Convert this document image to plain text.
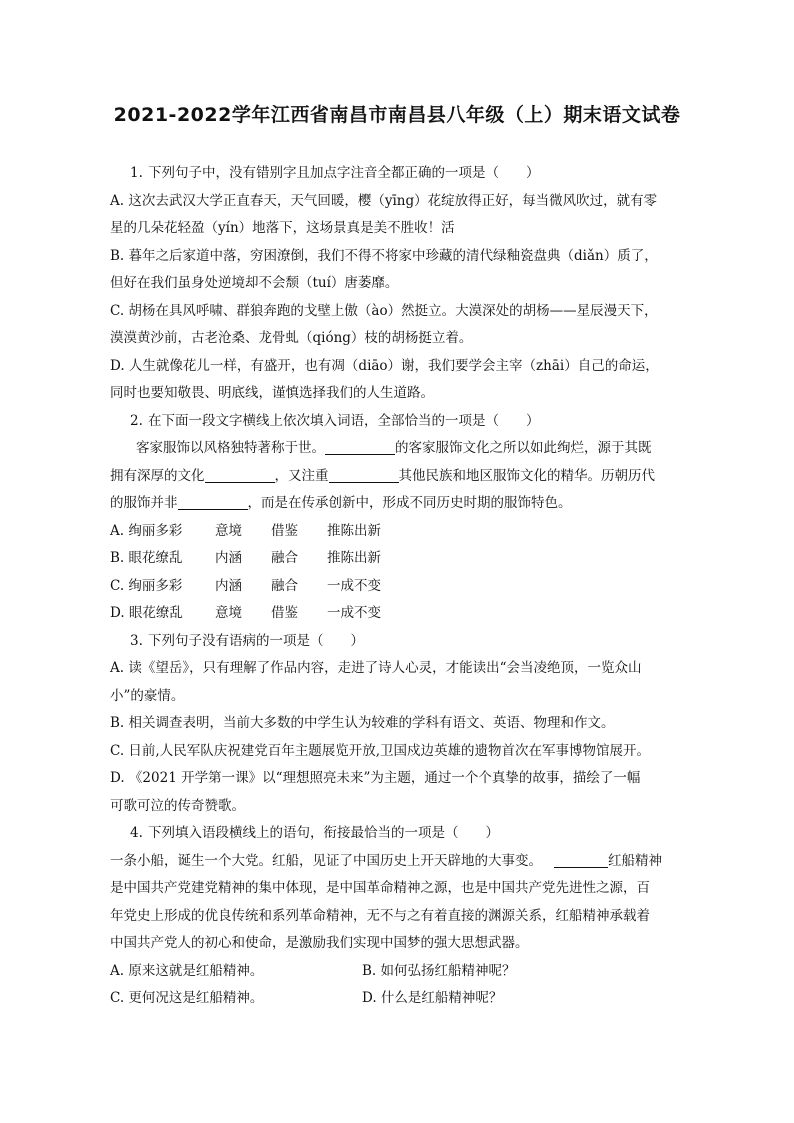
2021-2022学年江西省南昌市南昌县八年级（上）期末语文试卷
1. 下列句子中，没有错别字且加点字注音全都正确的一项是（　　）
A. 这次去武汉大学正直春天，天气回暖，樱（yīng）花绽放得正好，每当微风吹过，就有零
星的几朵花轻盈（yín）地落下，这场景真是美不胜收！活
B. 暮年之后家道中落，穷困潦倒，我们不得不将家中珍藏的清代绿釉瓷盘典（diǎn）质了，
但好在我们虽身处逆境却不会颓（tuí）唐萎靡。
C. 胡杨在具风呼啸、群狼奔跑的戈壁上傲（ào）然挺立。大漠深处的胡杨——星辰漫天下，
漠漠黄沙前，古老沧桑、龙骨虬（qióng）枝的胡杨挺立着。
D. 人生就像花儿一样，有盛开，也有凋（diāo）谢，我们要学会主宰（zhāi）自己的命运，
同时也要知敬畏、明底线，谨慎选择我们的人生道路。
2. 在下面一段文字横线上依次填入词语，全部恰当的一项是（　　）
客家服饰以风格独特著称于世。	的客家服饰文化之所以如此绚烂，源于其既
拥有深厚的文化	，又注重	其他民族和地区服饰文化的精华。历朝历代
的服饰并非	，而是在传承创新中，形成不同历史时期的服饰特色。
A. 绚丽多彩	意境	借鉴	推陈出新
B. 眼花缭乱	内涵	融合	推陈出新
C. 绚丽多彩	内涵	融合	一成不变
D. 眼花缭乱	意境	借鉴	一成不变
3. 下列句子没有语病的一项是（　　）
A. 读《望岳》，只有理解了作品内容，走进了诗人心灵，才能读出“会当凌绝顶，一览众山
小”的豪情。
B. 相关调查表明，当前大多数的中学生认为较难的学科有语文、英语、物理和作文。
C. 日前,人民军队庆祝建党百年主题展览开放,卫国戍边英雄的遗物首次在军事博物馆展开。
D. 《2021 开学第一课》以“理想照亮未来”为主题，通过一个个真挚的故事，描绘了一幅
可歌可泣的传奇赞歌。
4. 下列填入语段横线上的语句，衔接最恰当的一项是（　　）
一条小船，诞生一个大党。红船，见证了中国历史上开天辟地的大事变。	红船精神
是中国共产党建党精神的集中体现，是中国革命精神之源，也是中国共产党先进性之源，百
年党史上形成的优良传统和系列革命精神，无不与之有着直接的渊源关系，红船精神承载着
中国共产党人的初心和使命，是激励我们实现中国梦的强大思想武器。
A. 原来这就是红船精神。	B. 如何弘扬红船精神呢？
C. 更何况这是红船精神。	D. 什么是红船精神呢？
